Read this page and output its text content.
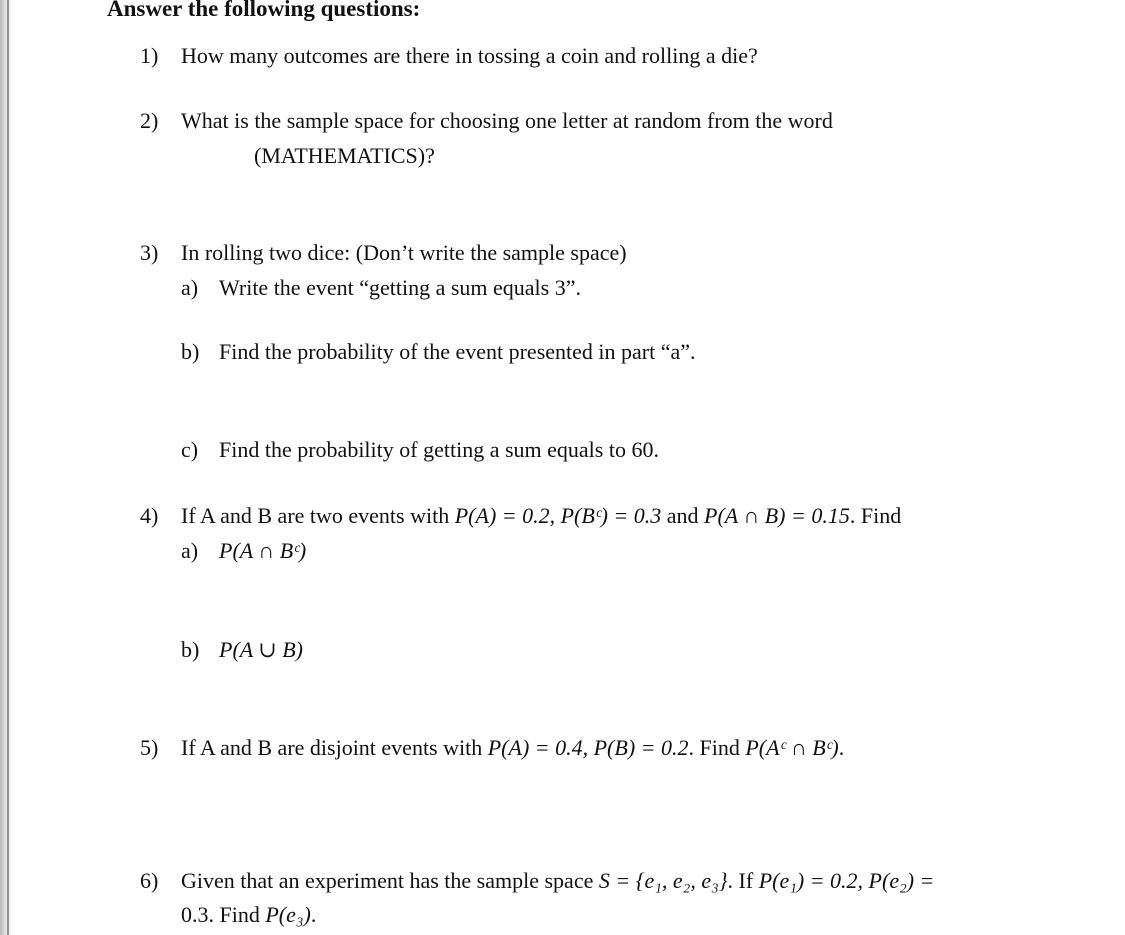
Answer the following questions:
1) How many outcomes are there in tossing a coin and rolling a die?
2) What is the sample space for choosing one letter at random from the word
(MATHEMATICS)?
3) In rolling two dice: (Don’t write the sample space)
a) Write the event “getting a sum equals 3”.
b) Find the probability of the event presented in part “a”.
c) Find the probability of getting a sum equals to 60.
4) If A and B are two events with P(A) = 0.2, P(Bᶜ) = 0.3 and P(A ∩ B) = 0.15. Find
a) P(A ∩ Bᶜ)
b) P(A ∪ B)
5) If A and B are disjoint events with P(A) = 0.4, P(B) = 0.2. Find P(Aᶜ ∩ Bᶜ).
6) Given that an experiment has the sample space S = {e₁, e₂, e₃}. If P(e₁) = 0.2, P(e₂) =
0.3. Find P(e₃).
